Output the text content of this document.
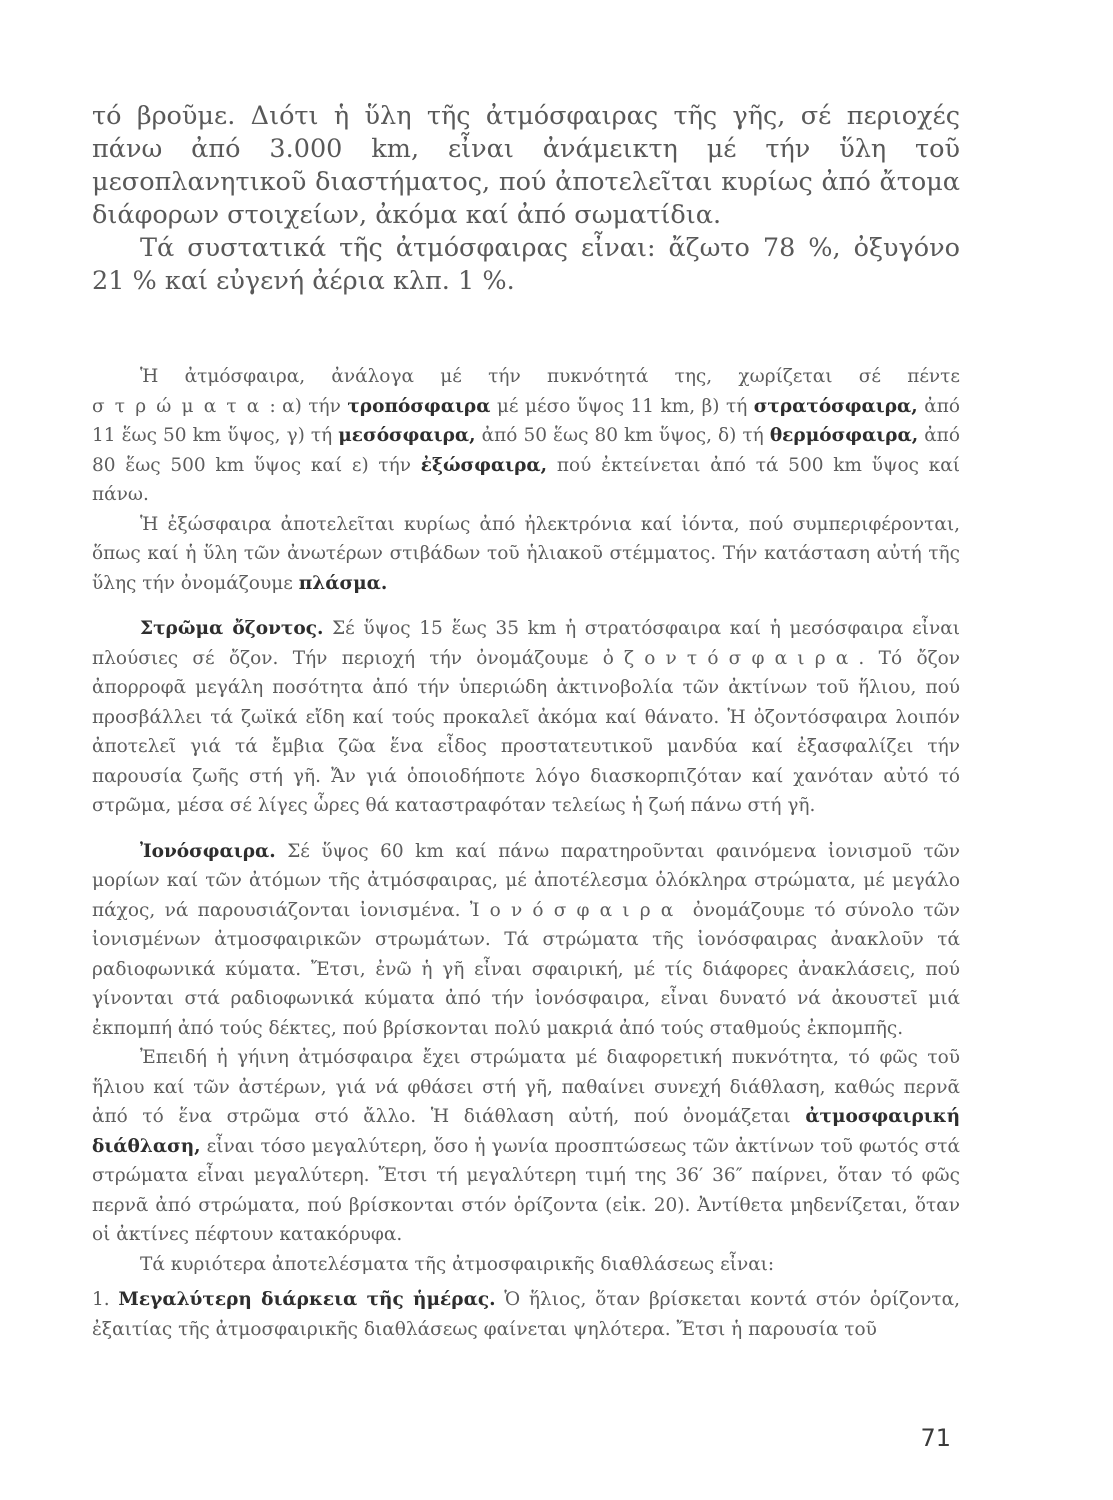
τό βροῦμε. Διότι ἡ ὕλη τῆς ἀτμόσφαιρας τῆς γῆς, σέ περιοχές πάνω ἀπό 3.000 km, εἶναι ἀνάμεικτη μέ τήν ὕλη τοῦ μεσοπλανητικοῦ διαστήματος, πού ἀποτελεῖται κυρίως ἀπό ἄτομα διάφορων στοιχείων, ἀκόμα καί ἀπό σωματίδια.

Τά συστατικά τῆς ἀτμόσφαιρας εἶναι: ἄζωτο 78 %, ὀξυγόνο 21 % καί εὐγενή ἀέρια κλπ. 1 %.

Ἡ ἀτμόσφαιρα, ἀνάλογα μέ τήν πυκνότητά της, χωρίζεται σέ πέντε στρώματα: α) τήν τροπόσφαιρα μέ μέσο ὕψος 11 km, β) τή στρατόσφαιρα, ἀπό 11 ἕως 50 km ὕψος, γ) τή μεσόσφαιρα, ἀπό 50 ἕως 80 km ὕψος, δ) τή θερμόσφαιρα, ἀπό 80 ἕως 500 km ὕψος καί ε) τήν ἐξώσφαιρα, πού ἐκτείνεται ἀπό τά 500 km ὕψος καί πάνω.

Ἡ ἐξώσφαιρα ἀποτελεῖται κυρίως ἀπό ἠλεκτρόνια καί ἰόντα, πού συμπεριφέρονται, ὅπως καί ἡ ὕλη τῶν ἀνωτέρων στιβάδων τοῦ ἡλιακοῦ στέμματος. Τήν κατάσταση αὐτή τῆς ὕλης τήν ὀνομάζουμε πλάσμα.

Στρῶμα ὄζοντος. Σέ ὕψος 15 ἕως 35 km ἡ στρατόσφαιρα καί ἡ μεσόσφαιρα εἶναι πλούσιες σέ ὄζον. Τήν περιοχή τήν ὀνομάζουμε ὀζοντόσφαιρα. Τό ὄζον ἀπορροφᾶ μεγάλη ποσότητα ἀπό τήν ὑπεριώδη ἀκτινοβολία τῶν ἀκτίνων τοῦ ἥλιου, πού προσβάλλει τά ζωϊκά εἴδη καί τούς προκαλεῖ ἀκόμα καί θάνατο. Ἡ ὀζοντόσφαιρα λοιπόν ἀποτελεῖ γιά τά ἔμβια ζῶα ἕνα εἶδος προστατευτικοῦ μανδύα καί ἐξασφαλίζει τήν παρουσία ζωῆς στή γῆ. Ἄν γιά ὁποιοδήποτε λόγο διασκορπιζόταν καί χανόταν αὐτό τό στρῶμα, μέσα σέ λίγες ὧρες θά καταστραφόταν τελείως ἡ ζωή πάνω στή γῆ.

Ἰονόσφαιρα. Σέ ὕψος 60 km καί πάνω παρατηροῦνται φαινόμενα ἰονισμοῦ τῶν μορίων καί τῶν ἀτόμων τῆς ἀτμόσφαιρας, μέ ἀποτέλεσμα ὁλόκληρα στρώματα, μέ μεγάλο πάχος, νά παρουσιάζονται ἰονισμένα. Ἰονόσφαιρα ὀνομάζουμε τό σύνολο τῶν ἰονισμένων ἀτμοσφαιρικῶν στρωμάτων. Τά στρώματα τῆς ἰονόσφαιρας ἀνακλοῦν τά ραδιοφωνικά κύματα. Ἔτσι, ἐνῶ ἡ γῆ εἶναι σφαιρική, μέ τίς διάφορες ἀνακλάσεις, πού γίνονται στά ραδιοφωνικά κύματα ἀπό τήν ἰονόσφαιρα, εἶναι δυνατό νά ἀκουστεῖ μιά ἐκπομπή ἀπό τούς δέκτες, πού βρίσκονται πολύ μακριά ἀπό τούς σταθμούς ἐκπομπῆς.

Ἐπειδή ἡ γήινη ἀτμόσφαιρα ἔχει στρώματα μέ διαφορετική πυκνότητα, τό φῶς τοῦ ἥλιου καί τῶν ἀστέρων, γιά νά φθάσει στή γῆ, παθαίνει συνεχή διάθλαση, καθώς περνᾶ ἀπό τό ἕνα στρῶμα στό ἄλλο. Ἡ διάθλαση αὐτή, πού ὀνομάζεται ἀτμοσφαιρική διάθλαση, εἶναι τόσο μεγαλύτερη, ὅσο ἡ γωνία προσπτώσεως τῶν ἀκτίνων τοῦ φωτός στά στρώματα εἶναι μεγαλύτερη. Ἔτσι τή μεγαλύτερη τιμή της 36′ 36″ παίρνει, ὅταν τό φῶς περνᾶ ἀπό στρώματα, πού βρίσκονται στόν ὁρίζοντα (εἰκ. 20). Ἀντίθετα μηδενίζεται, ὅταν οἱ ἀκτίνες πέφτουν κατακόρυφα.

Τά κυριότερα ἀποτελέσματα τῆς ἀτμοσφαιρικῆς διαθλάσεως εἶναι:

1. Μεγαλύτερη διάρκεια τῆς ἡμέρας. Ὁ ἥλιος, ὅταν βρίσκεται κοντά στόν ὁρίζοντα, ἐξαιτίας τῆς ἀτμοσφαιρικῆς διαθλάσεως φαίνεται ψηλότερα. Ἔτσι ἡ παρουσία τοῦ

71
